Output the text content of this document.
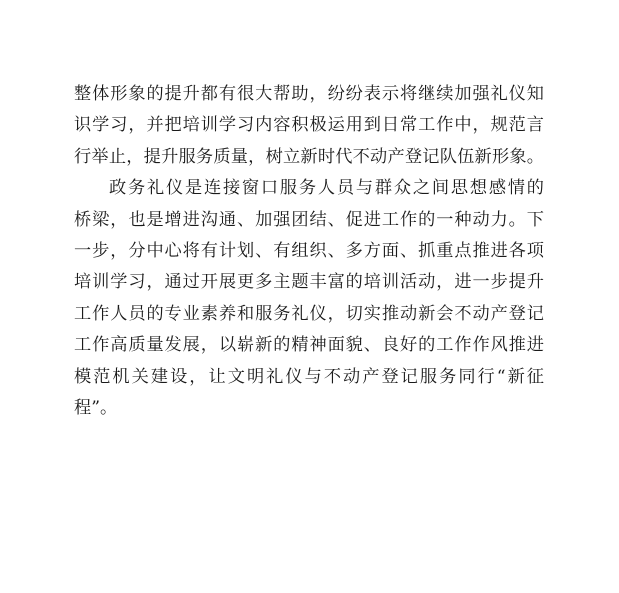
整体形象的提升都有很大帮助，纷纷表示将继续加强礼仪知
识学习，并把培训学习内容积极运用到日常工作中，规范言
行举止，提升服务质量，树立新时代不动产登记队伍新形象。
政务礼仪是连接窗口服务人员与群众之间思想感情的
桥梁，也是增进沟通、加强团结、促进工作的一种动力。下
一步，分中心将有计划、有组织、多方面、抓重点推进各项
培训学习，通过开展更多主题丰富的培训活动，进一步提升
工作人员的专业素养和服务礼仪，切实推动新会不动产登记
工作高质量发展，以崭新的精神面貌、良好的工作作风推进
模范机关建设，让文明礼仪与不动产登记服务同行“新征
程”。
